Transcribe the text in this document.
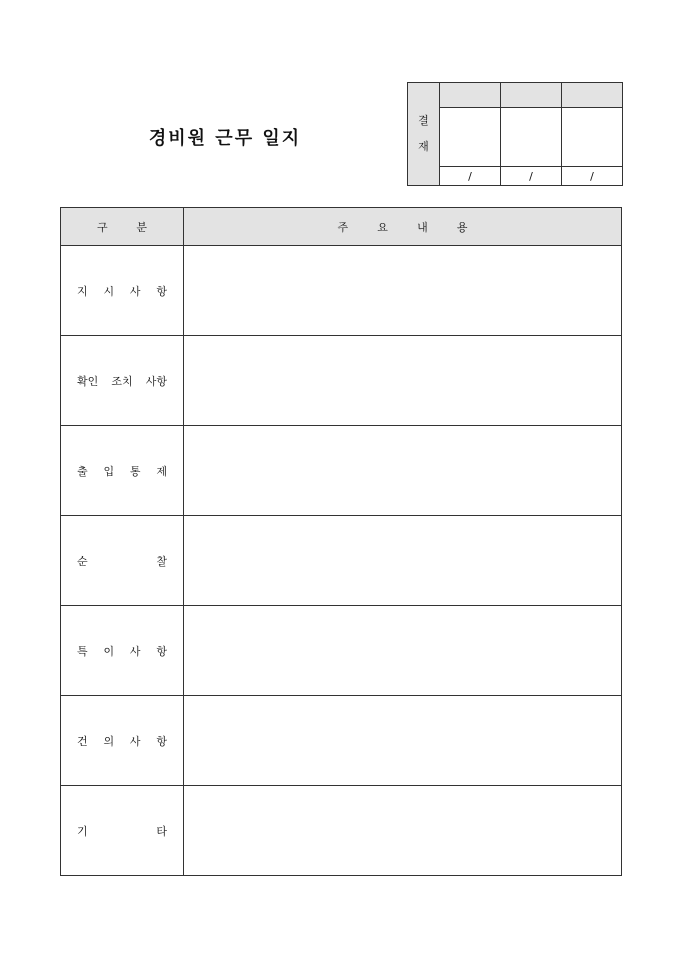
경비원 근무 일지
결
재			

	/	/	/
구 분	주 요 내 용

지 시 사 항	

확인 조치 사항	

출 입 통 제	

순 찰	

특 이 사 항	

건 의 사 항	

기 타	
